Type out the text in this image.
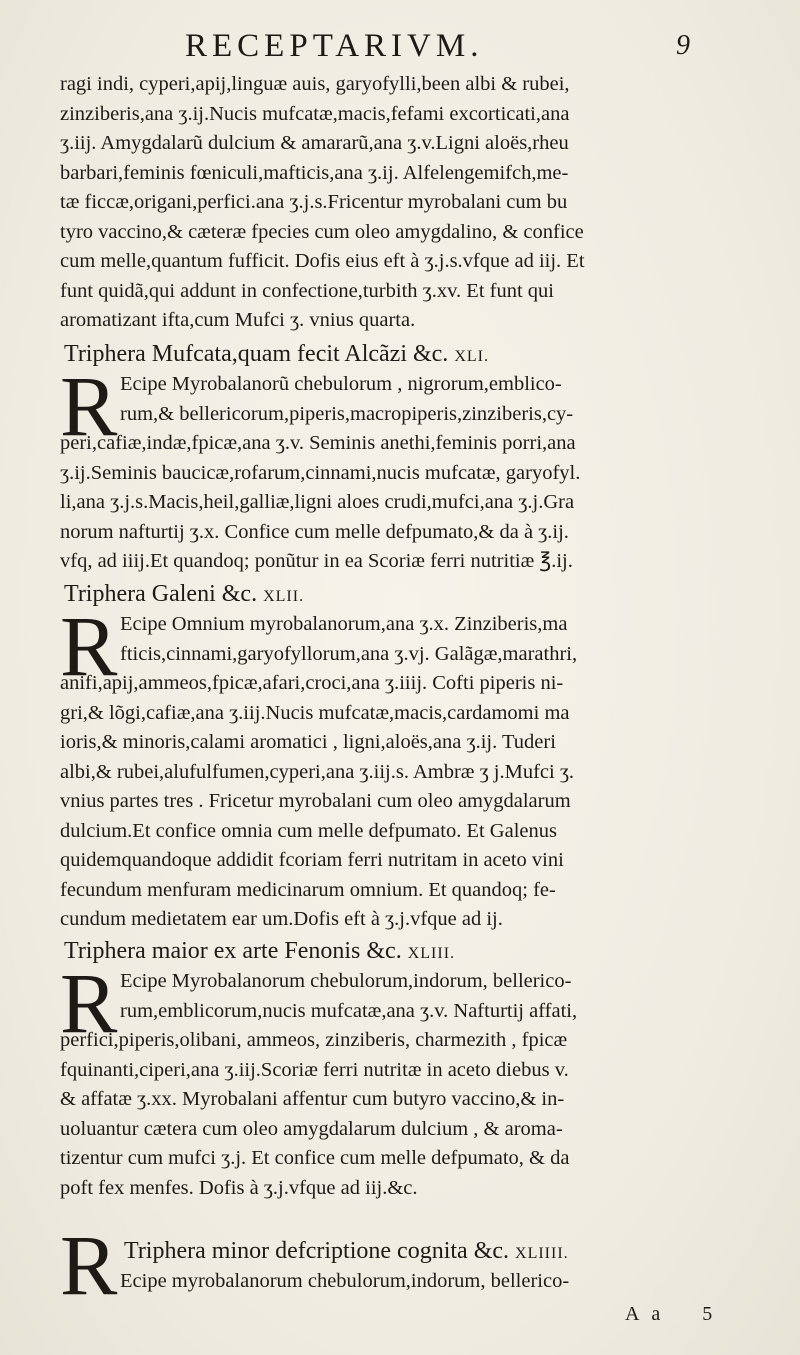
RECEPTARIVM.	9
ragi indi, cyperi,apij,linguæ auis, garyofylli,been albi & rubei,
zinziberis,ana ʒ.ij.Nucis mufcatæ,macis,fefami excorticati,ana
ʒ.iij. Amygdalarũ dulcium & amararũ,ana ʒ.v.Ligni aloës,rheu
barbari,feminis fœniculi,mafticis,ana ʒ.ij. Alfelengemifch,me-
tæ ficcæ,origani,perfici.ana ʒ.j.s.Fricentur myrobalani cum bu
tyro vaccino,& cæteræ fpecies cum oleo amygdalino, & confice
cum melle,quantum fufficit. Dofis eius eft à ʒ.j.s.vfque ad iij. Et
funt quidã,qui addunt in confectione,turbith ʒ.xv. Et funt qui
aromatizant ifta,cum Mufci ʒ. vnius quarta.
Triphera Mufcata,quam fecit Alcãzi &c. XLI.
R Ecipe Myrobalanorũ chebulorum , nigrorum,emblico-
rum,& bellericorum,piperis,macropiperis,zinziberis,cy-
peri,cafiæ,indæ,fpicæ,ana ʒ.v. Seminis anethi,feminis porri,ana
ʒ.ij.Seminis baucicæ,rofarum,cinnami,nucis mufcatæ, garyofyl.
li,ana ʒ.j.s.Macis,heil,galliæ,ligni aloes crudi,mufci,ana ʒ.j.Gra
norum nafturtij ʒ.x. Confice cum melle defpumato,& da à ʒ.ij.
vfq, ad iiij.Et quandoq; ponũtur in ea Scoriæ ferri nutritiæ ℥.ij.
Triphera Galeni &c. XLII.
R Ecipe Omnium myrobalanorum,ana ʒ.x. Zinziberis,ma
fticis,cinnami,garyofyllorum,ana ʒ.vj. Galãgæ,marathri,
anifi,apij,ammeos,fpicæ,afari,croci,ana ʒ.iiij. Cofti piperis ni-
gri,& lõgi,cafiæ,ana ʒ.iij.Nucis mufcatæ,macis,cardamomi ma
ioris,& minoris,calami aromatici , ligni,aloës,ana ʒ.ij. Tuderi
albi,& rubei,alufulfumen,cyperi,ana ʒ.iij.s. Ambræ ʒ j.Mufci ʒ.
vnius partes tres . Fricetur myrobalani cum oleo amygdalarum
dulcium.Et confice omnia cum melle defpumato. Et Galenus
quidemquandoque addidit fcoriam ferri nutritam in aceto vini
fecundum menfuram medicinarum omnium. Et quandoq; fe-
cundum medietatem ear um.Dofis eft à ʒ.j.vfque ad ij.
Triphera maior ex arte Fenonis &c. XLIII.
R Ecipe Myrobalanorum chebulorum,indorum, bellerico-
rum,emblicorum,nucis mufcatæ,ana ʒ.v. Nafturtij affati,
perfici,piperis,olibani, ammeos, zinziberis, charmezith , fpicæ
fquinanti,ciperi,ana ʒ.iij.Scoriæ ferri nutritæ in aceto diebus v.
& affatæ ʒ.xx. Myrobalani affentur cum butyro vaccino,& in-
uoluantur cætera cum oleo amygdalarum dulcium , & aroma-
tizentur cum mufci ʒ.j. Et confice cum melle defpumato, & da
poft fex menfes. Dofis à ʒ.j.vfque ad iij.&c.
R Triphera minor defcriptione cognita &c. XLIIII.
Ecipe myrobalanorum chebulorum,indorum, bellerico-
A a 5
